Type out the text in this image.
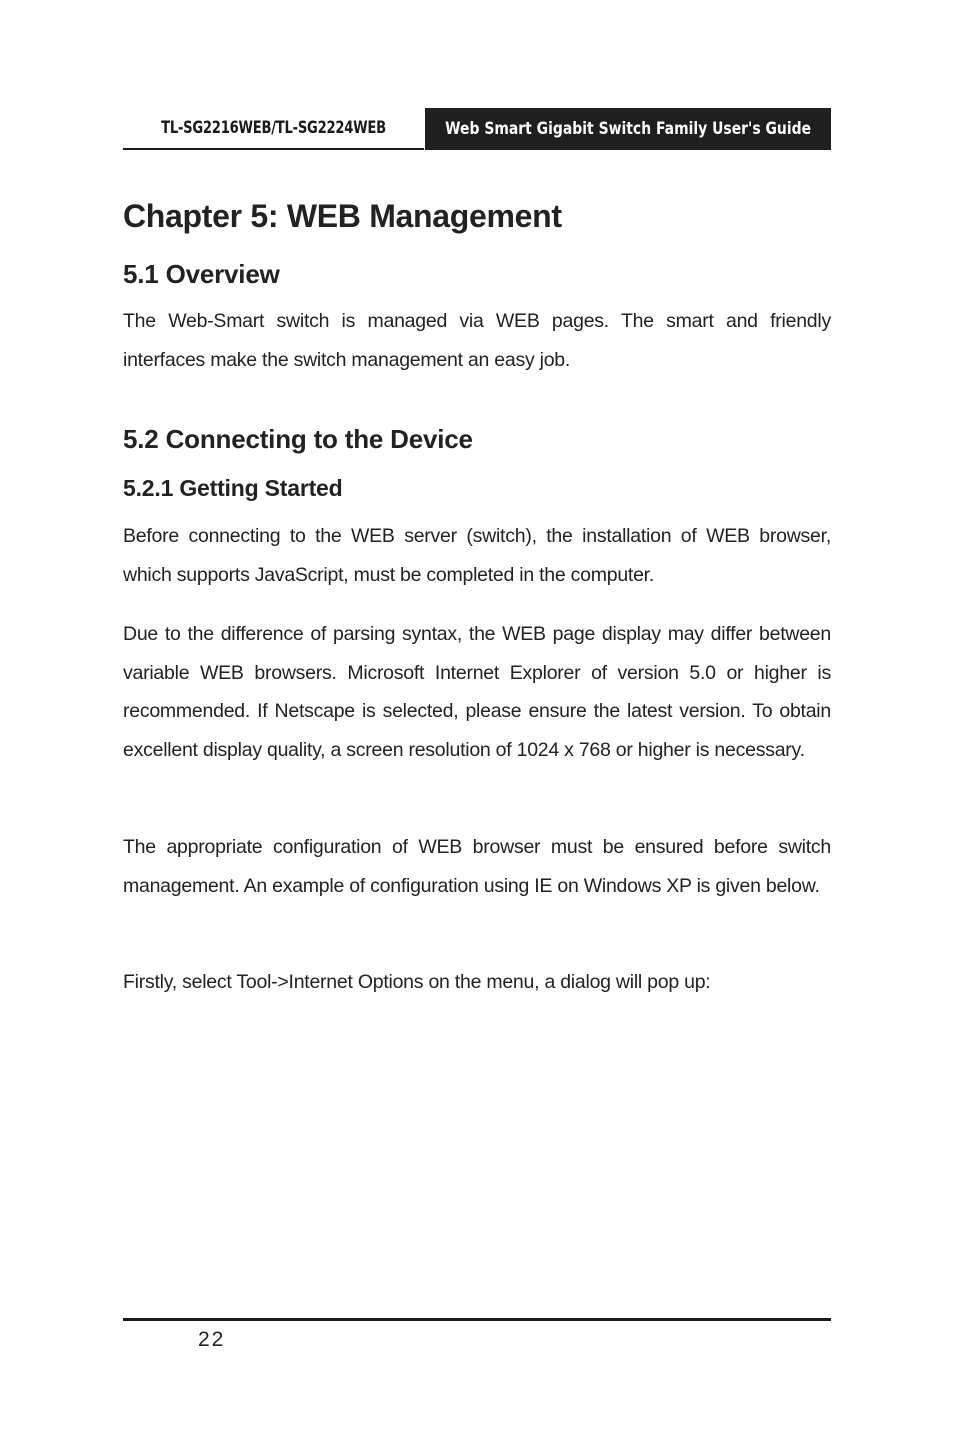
TL-SG2216WEB/TL-SG2224WEB	Web Smart Gigabit Switch Family User's Guide
Chapter 5: WEB Management
5.1 Overview

The Web-Smart switch is managed via WEB pages. The smart and friendly interfaces make the switch management an easy job.

5.2 Connecting to the Device
5.2.1 Getting Started

Before connecting to the WEB server (switch), the installation of WEB browser, which supports JavaScript, must be completed in the computer.

Due to the difference of parsing syntax, the WEB page display may differ between variable WEB browsers. Microsoft Internet Explorer of version 5.0 or higher is recommended. If Netscape is selected, please ensure the latest version. To obtain excellent display quality, a screen resolution of 1024 x 768 or higher is necessary.

The appropriate configuration of WEB browser must be ensured before switch management. An example of configuration using IE on Windows XP is given below.

Firstly, select Tool->Internet Options on the menu, a dialog will pop up:

22
